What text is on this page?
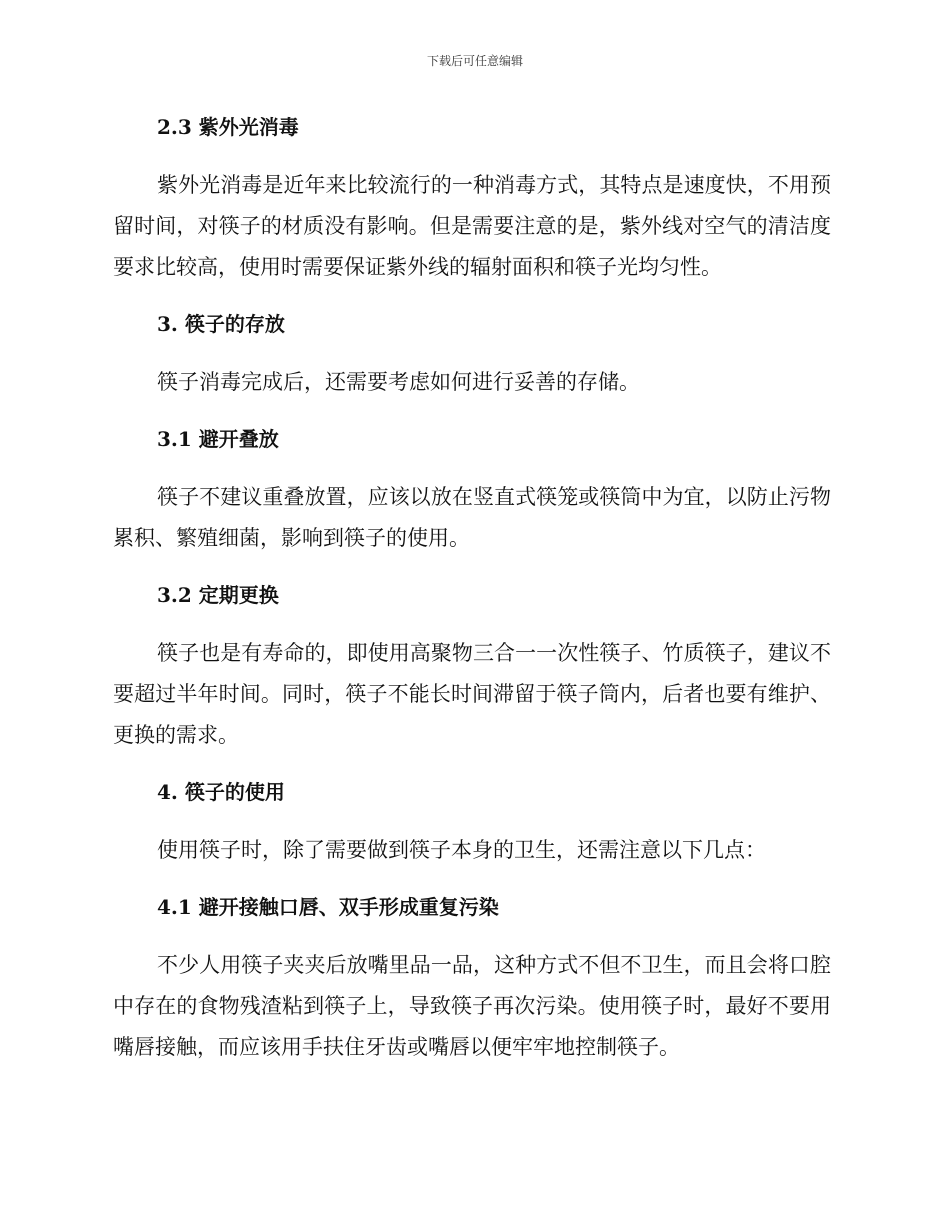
下载后可任意编辑
2.3 紫外光消毒

紫外光消毒是近年来比较流行的一种消毒方式，其特点是速度快，不用预留时间，对筷子的材质没有影响。但是需要注意的是，紫外线对空气的清洁度要求比较高，使用时需要保证紫外线的辐射面积和筷子光均匀性。

3. 筷子的存放

筷子消毒完成后，还需要考虑如何进行妥善的存储。

3.1 避开叠放

筷子不建议重叠放置，应该以放在竖直式筷笼或筷筒中为宜，以防止污物累积、繁殖细菌，影响到筷子的使用。

3.2 定期更换

筷子也是有寿命的，即使用高聚物三合一一次性筷子、竹质筷子，建议不要超过半年时间。同时，筷子不能长时间滞留于筷子筒内，后者也要有维护、更换的需求。

4. 筷子的使用

使用筷子时，除了需要做到筷子本身的卫生，还需注意以下几点：

4.1 避开接触口唇、双手形成重复污染

不少人用筷子夹夹后放嘴里品一品，这种方式不但不卫生，而且会将口腔中存在的食物残渣粘到筷子上，导致筷子再次污染。使用筷子时，最好不要用嘴唇接触，而应该用手扶住牙齿或嘴唇以便牢牢地控制筷子。
